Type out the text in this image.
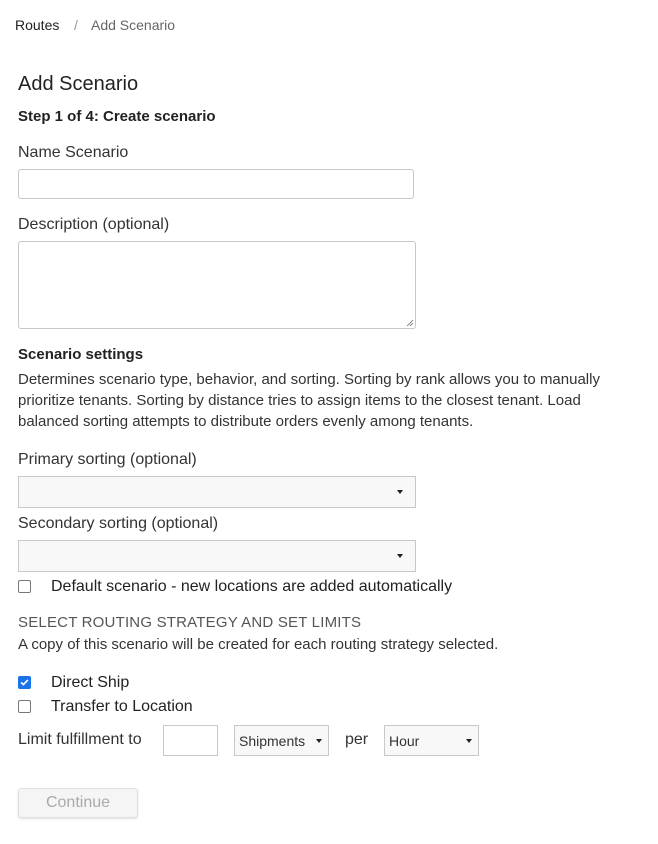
Routes / Add Scenario
Add Scenario
Step 1 of 4: Create scenario
Name Scenario
Description (optional)
Scenario settings
Determines scenario type, behavior, and sorting. Sorting by rank allows you to manually prioritize tenants. Sorting by distance tries to assign items to the closest tenant. Load balanced sorting attempts to distribute orders evenly among tenants.
Primary sorting (optional)
Secondary sorting (optional)
Default scenario - new locations are added automatically
SELECT ROUTING STRATEGY AND SET LIMITS
A copy of this scenario will be created for each routing strategy selected.
Direct Ship
Transfer to Location
Limit fulfillment to	Shipments per Hour
Continue
